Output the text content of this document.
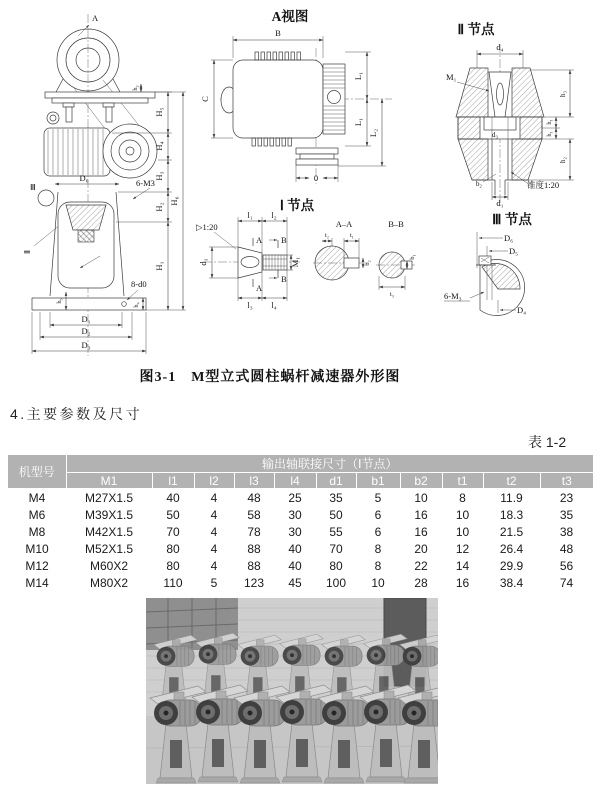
A
h₂
D₆	6-M3
Ⅲ
Ⅱ
8-d0
h₅
h₄
D₁
D₂
D₃
H₅
H₄
H₃
H₂
H₁
H₆
A视图
B
C
L₁
L₁
L₂
0
Ⅱ 节点
d₄
M₁
d₃
b₂	锥度1:20
d₁
h₃
h₁
h₁
h₂
Ⅰ 节点
▷1:20
l₁ l₂
l₃ l₄
d₁	M₁
A
A
B
B
A–A
t₂	t₁
b₂
B–B
b₁
t₃
Ⅲ 节点
D₆
D₅
6-M₃
D₄
图3-1　M型立式圆柱蜗杆减速器外形图
4.主要参数及尺寸
表 1-2
机型号	输出轴联接尺寸（Ⅰ节点）										
	M1	l1	l2	l3	l4	d1	b1	b2	t1	t2	t3
M4	M27X1.5	40	4	48	25	35	5	10	8	11.9	23
M6	M39X1.5	50	4	58	30	50	6	16	10	18.3	35
M8	M42X1.5	70	4	78	30	55	6	16	10	21.5	38
M10	M52X1.5	80	4	88	40	70	8	20	12	26.4	48
M12	M60X2	80	4	88	40	80	8	22	14	29.9	56
M14	M80X2	110	5	123	45	100	10	28	16	38.4	74
